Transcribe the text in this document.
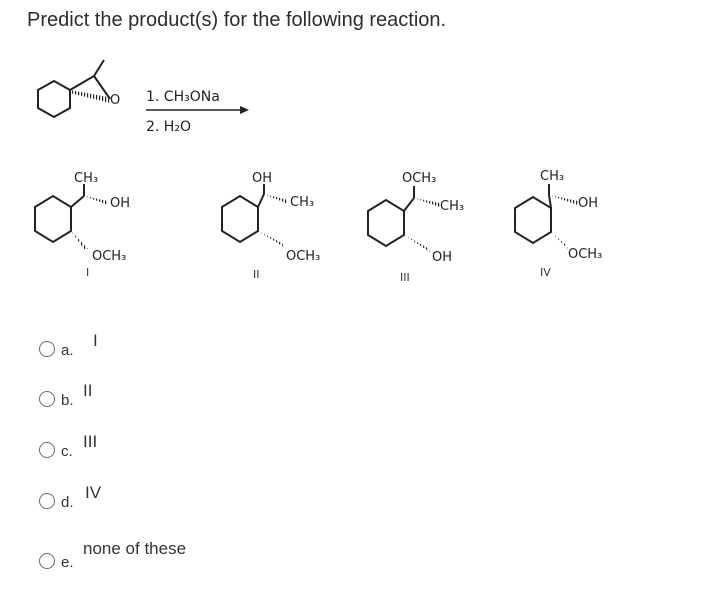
Predict the product(s) for the following reaction.
O 1. CH₃ONa
2. H₂O
CH₃
OH
OCH₃
I
OH
CH₃
OCH₃
II
OCH₃
CH₃
OH
III
CH₃
OH
OCH₃
IV
a.
I
b.
II
c.
III
d.
IV
e.
none of these
